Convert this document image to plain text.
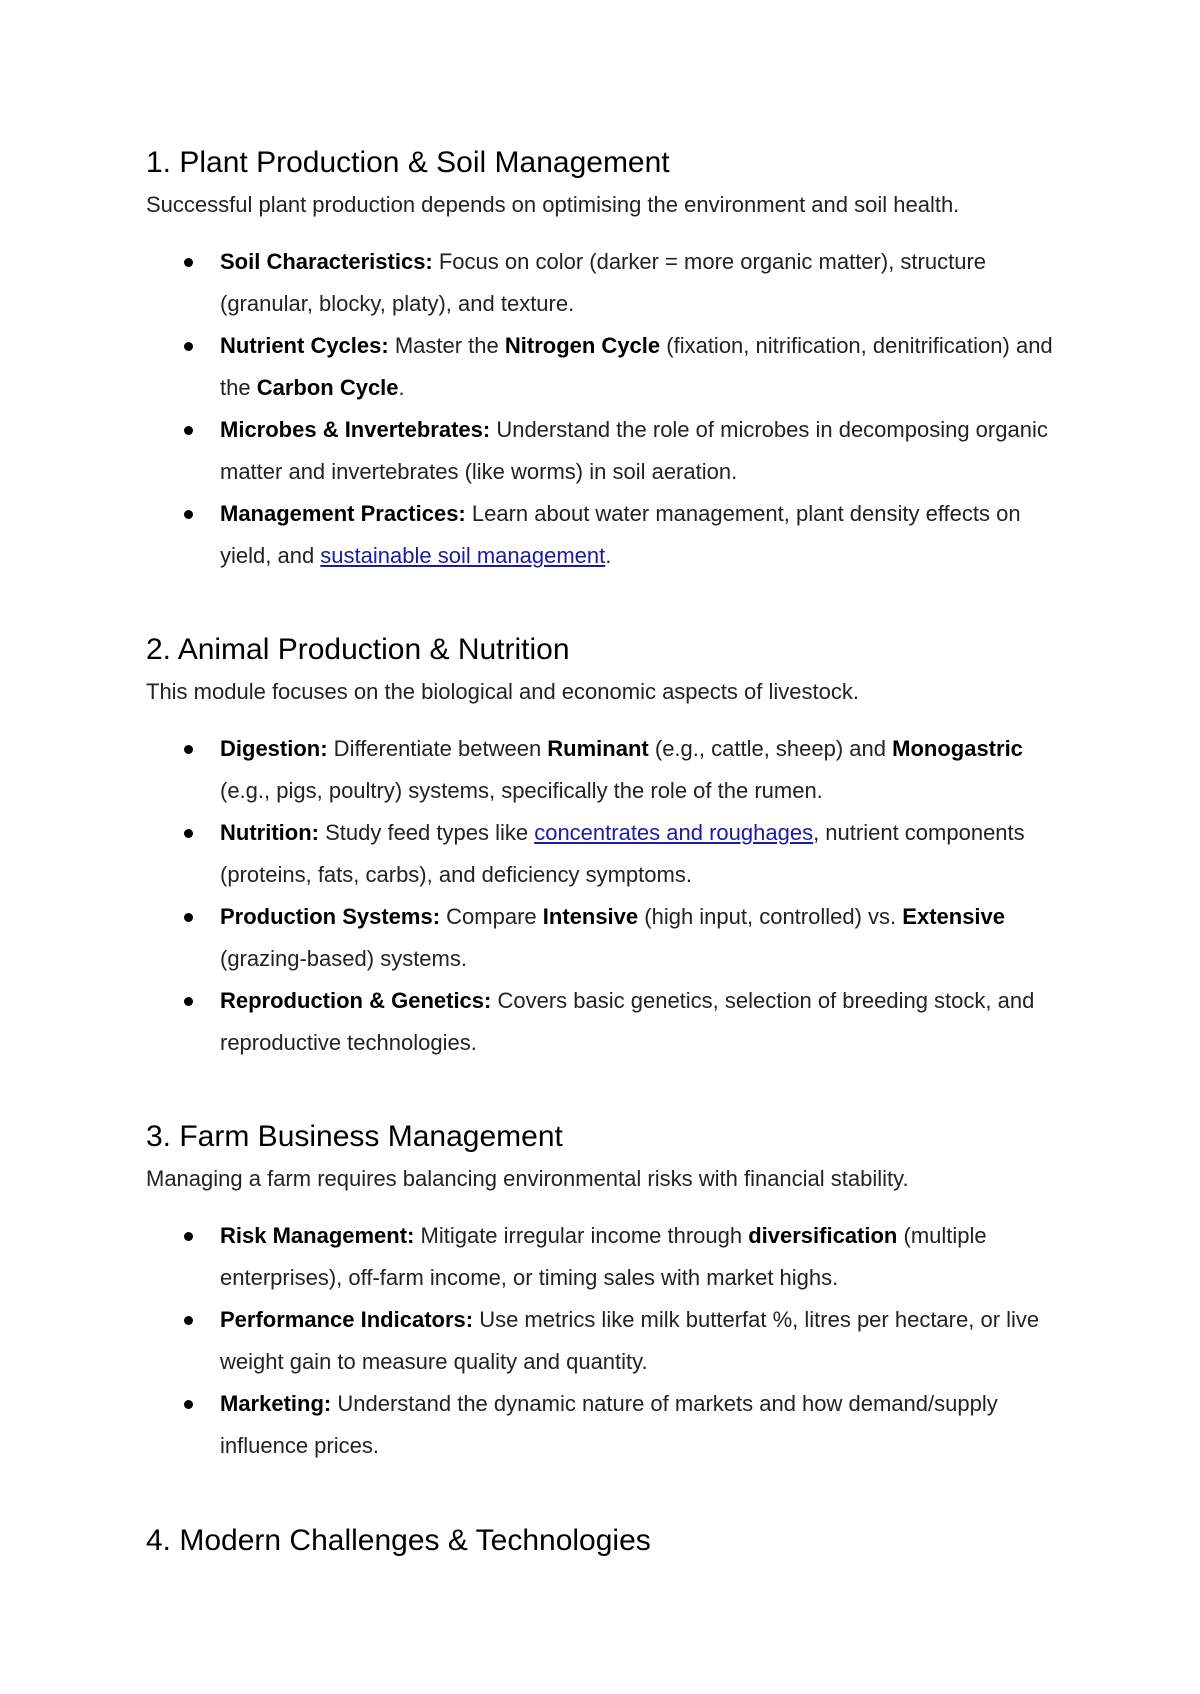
1. Plant Production & Soil Management

Successful plant production depends on optimising the environment and soil health.

Soil Characteristics: Focus on color (darker = more organic matter), structure (granular, blocky, platy), and texture.
Nutrient Cycles: Master the Nitrogen Cycle (fixation, nitrification, denitrification) and the Carbon Cycle.
Microbes & Invertebrates: Understand the role of microbes in decomposing organic matter and invertebrates (like worms) in soil aeration.
Management Practices: Learn about water management, plant density effects on yield, and sustainable soil management.
2. Animal Production & Nutrition

This module focuses on the biological and economic aspects of livestock.

Digestion: Differentiate between Ruminant (e.g., cattle, sheep) and Monogastric (e.g., pigs, poultry) systems, specifically the role of the rumen.
Nutrition: Study feed types like concentrates and roughages, nutrient components (proteins, fats, carbs), and deficiency symptoms.
Production Systems: Compare Intensive (high input, controlled) vs. Extensive (grazing-based) systems.
Reproduction & Genetics: Covers basic genetics, selection of breeding stock, and reproductive technologies.
3. Farm Business Management

Managing a farm requires balancing environmental risks with financial stability.

Risk Management: Mitigate irregular income through diversification (multiple enterprises), off-farm income, or timing sales with market highs.
Performance Indicators: Use metrics like milk butterfat %, litres per hectare, or live weight gain to measure quality and quantity.
Marketing: Understand the dynamic nature of markets and how demand/supply influence prices.
4. Modern Challenges & Technologies
